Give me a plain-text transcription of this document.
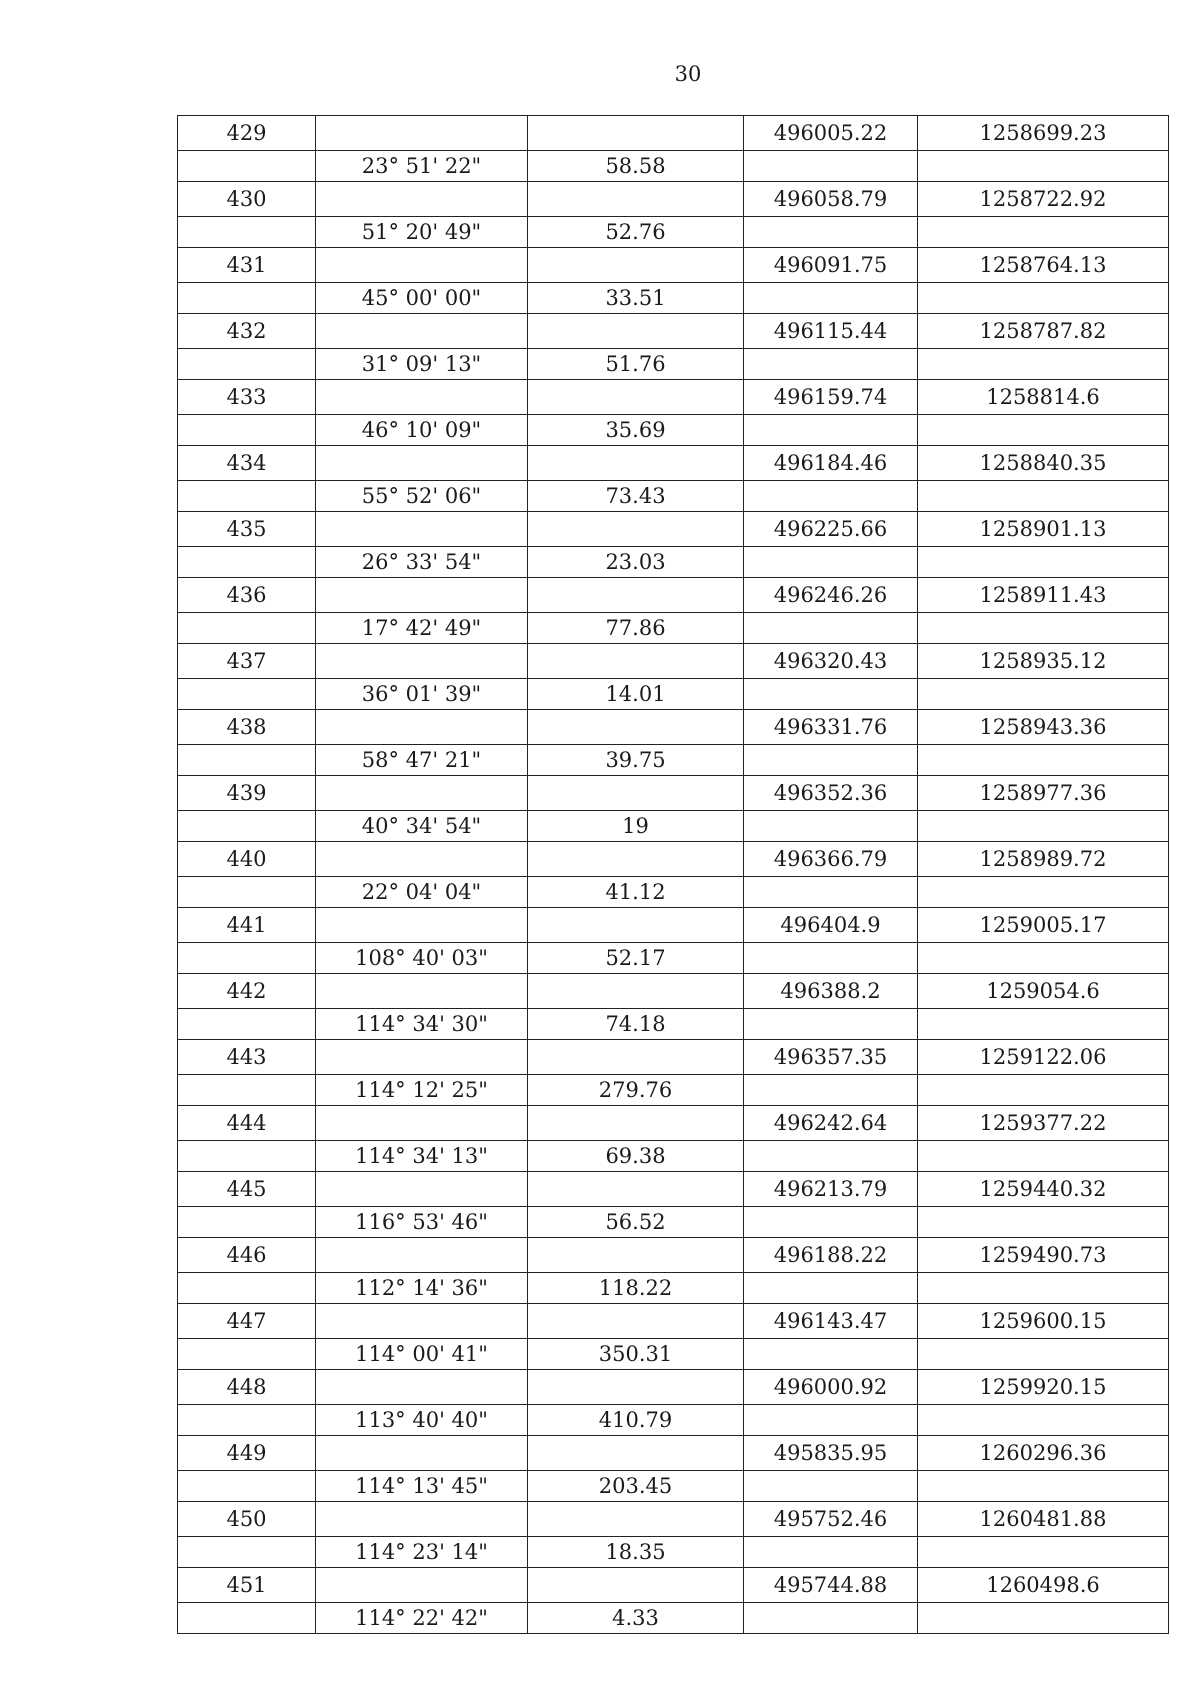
30
429			496005.22	1258699.23
	23° 51' 22"	58.58		
430			496058.79	1258722.92
	51° 20' 49"	52.76		
431			496091.75	1258764.13
	45° 00' 00"	33.51		
432			496115.44	1258787.82
	31° 09' 13"	51.76		
433			496159.74	1258814.6
	46° 10' 09"	35.69		
434			496184.46	1258840.35
	55° 52' 06"	73.43		
435			496225.66	1258901.13
	26° 33' 54"	23.03		
436			496246.26	1258911.43
	17° 42' 49"	77.86		
437			496320.43	1258935.12
	36° 01' 39"	14.01		
438			496331.76	1258943.36
	58° 47' 21"	39.75		
439			496352.36	1258977.36
	40° 34' 54"	19		
440			496366.79	1258989.72
	22° 04' 04"	41.12		
441			496404.9	1259005.17
	108° 40' 03"	52.17		
442			496388.2	1259054.6
	114° 34' 30"	74.18		
443			496357.35	1259122.06
	114° 12' 25"	279.76		
444			496242.64	1259377.22
	114° 34' 13"	69.38		
445			496213.79	1259440.32
	116° 53' 46"	56.52		
446			496188.22	1259490.73
	112° 14' 36"	118.22		
447			496143.47	1259600.15
	114° 00' 41"	350.31		
448			496000.92	1259920.15
	113° 40' 40"	410.79		
449			495835.95	1260296.36
	114° 13' 45"	203.45		
450			495752.46	1260481.88
	114° 23' 14"	18.35		
451			495744.88	1260498.6
	114° 22' 42"	4.33		
